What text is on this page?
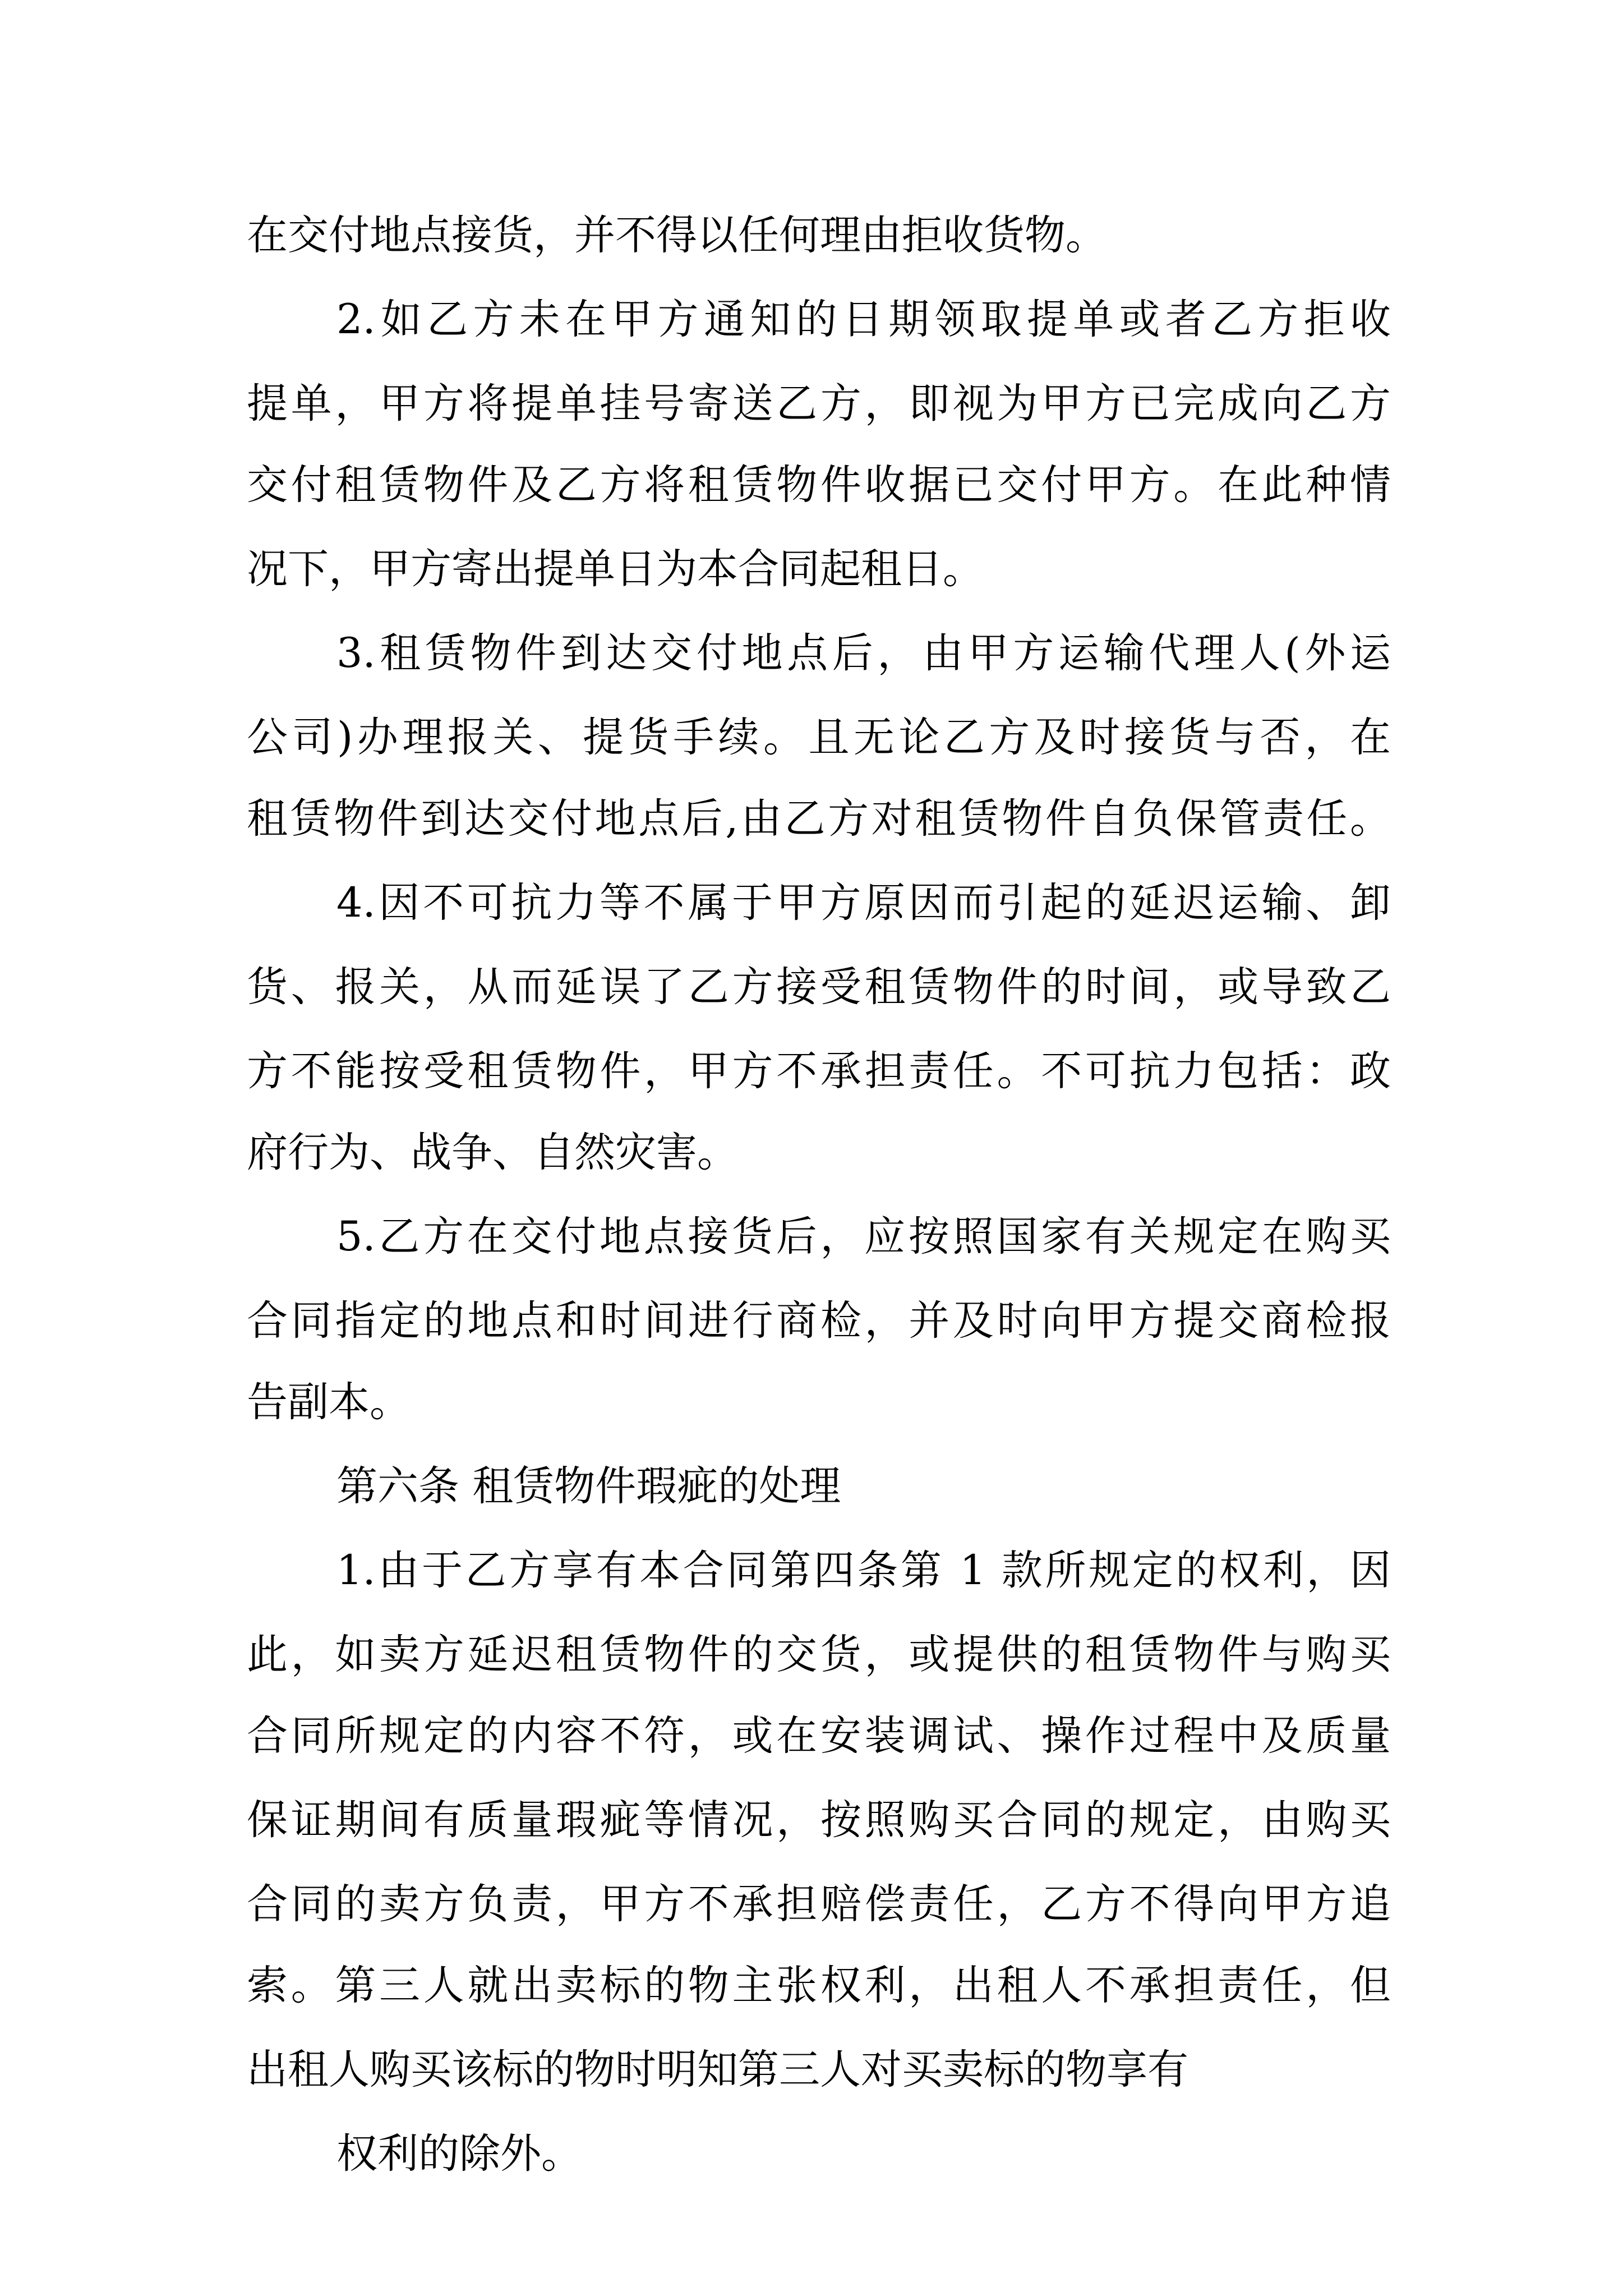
在交付地点接货，并不得以任何理由拒收货物。
2.如乙方未在甲方通知的日期领取提单或者乙方拒收
提单，甲方将提单挂号寄送乙方，即视为甲方已完成向乙方
交付租赁物件及乙方将租赁物件收据已交付甲方。在此种情
况下，甲方寄出提单日为本合同起租日。
3.租赁物件到达交付地点后，由甲方运输代理人(外运
公司)办理报关、提货手续。且无论乙方及时接货与否，在
租赁物件到达交付地点后,由乙方对租赁物件自负保管责任。
4.因不可抗力等不属于甲方原因而引起的延迟运输、卸
货、报关，从而延误了乙方接受租赁物件的时间，或导致乙
方不能按受租赁物件，甲方不承担责任。不可抗力包括：政
府行为、战争、自然灾害。
5.乙方在交付地点接货后，应按照国家有关规定在购买
合同指定的地点和时间进行商检，并及时向甲方提交商检报
告副本。
第六条 租赁物件瑕疵的处理
1.由于乙方享有本合同第四条第 1 款所规定的权利，因
此，如卖方延迟租赁物件的交货，或提供的租赁物件与购买
合同所规定的内容不符，或在安装调试、操作过程中及质量
保证期间有质量瑕疵等情况，按照购买合同的规定，由购买
合同的卖方负责，甲方不承担赔偿责任，乙方不得向甲方追
索。第三人就出卖标的物主张权利，出租人不承担责任，但
出租人购买该标的物时明知第三人对买卖标的物享有
权利的除外。
